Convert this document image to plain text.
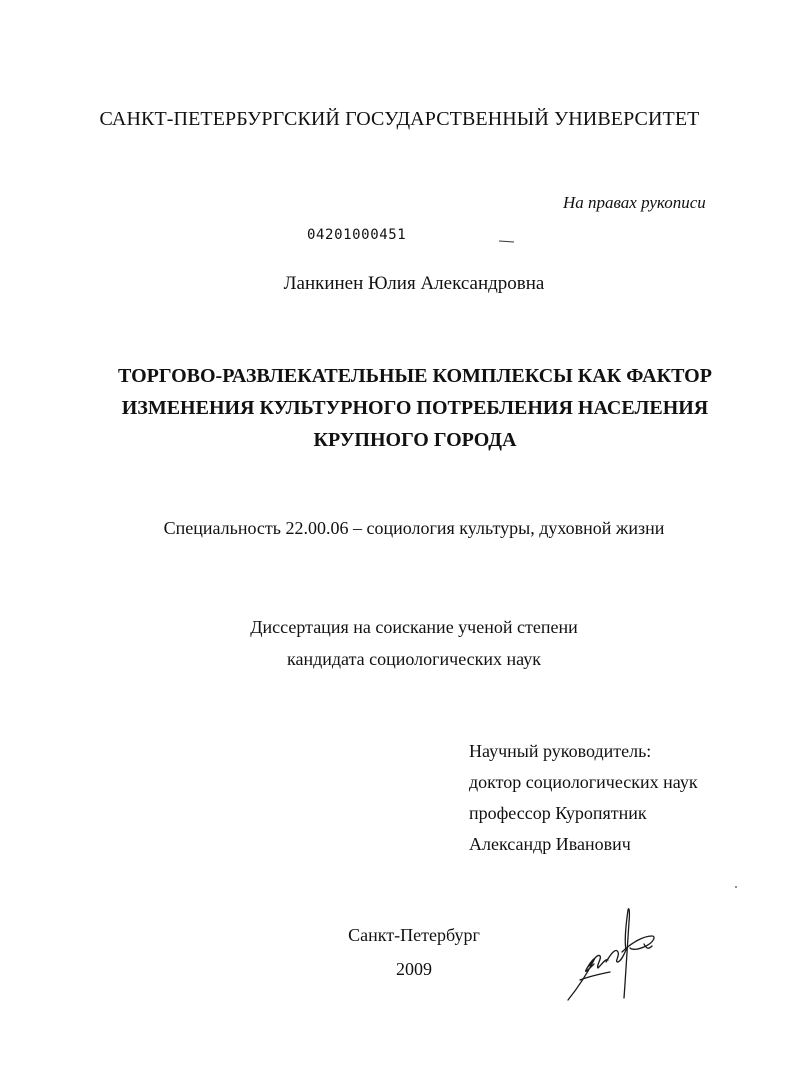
САНКТ-ПЕТЕРБУРГСКИЙ ГОСУДАРСТВЕННЫЙ УНИВЕРСИТЕТ
На правах рукописи
04201000451
Ланкинен Юлия Александровна
ТОРГОВО-РАЗВЛЕКАТЕЛЬНЫЕ КОМПЛЕКСЫ КАК ФАКТОР
ИЗМЕНЕНИЯ КУЛЬТУРНОГО ПОТРЕБЛЕНИЯ НАСЕЛЕНИЯ
КРУПНОГО ГОРОДА
Специальность 22.00.06 – социология культуры, духовной жизни
Диссертация на соискание ученой степени
кандидата социологических наук
Научный руководитель:
доктор социологических наук
профессор Куропятник
Александр Иванович
Санкт-Петербург
2009
